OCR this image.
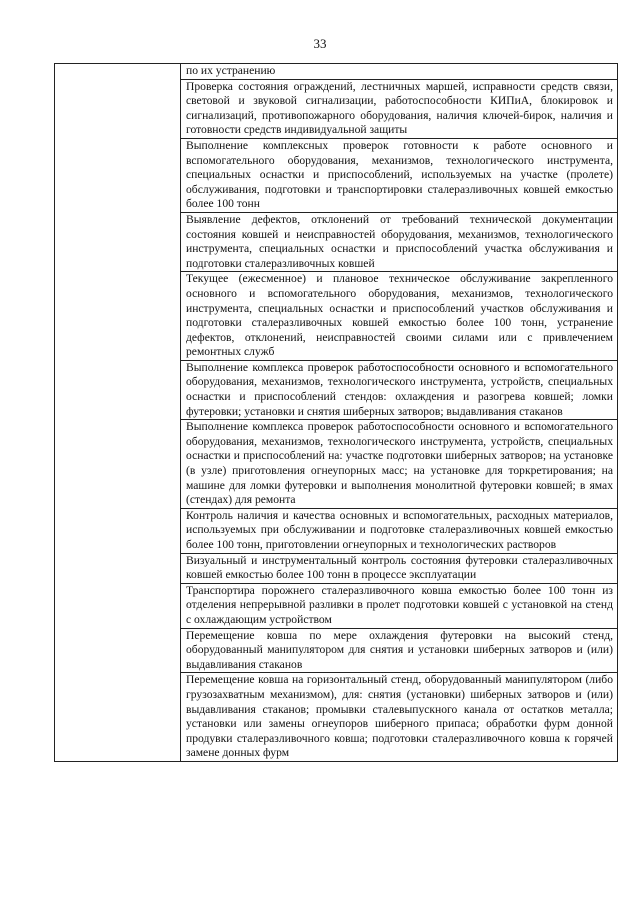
33

по их устранению

Проверка состояния ограждений, лестничных маршей, исправности средств связи, световой и звуковой сигнализации, работоспособности КИПиА, блокировок и сигнализаций, противопожарного оборудования, наличия ключей-бирок, наличия и готовности средств индивидуальной защиты

Выполнение комплексных проверок готовности к работе основного и вспомогательного оборудования, механизмов, технологического инструмента, специальных оснастки и приспособлений, используемых на участке (пролете) обслуживания, подготовки и транспортировки сталеразливочных ковшей емкостью более 100 тонн

Выявление дефектов, отклонений от требований технической документации состояния ковшей и неисправностей оборудования, механизмов, технологического инструмента, специальных оснастки и приспособлений участка обслуживания и подготовки сталеразливочных ковшей

Текущее (ежесменное) и плановое техническое обслуживание закрепленного основного и вспомогательного оборудования, механизмов, технологического инструмента, специальных оснастки и приспособлений участков обслуживания и подготовки сталеразливочных ковшей емкостью более 100 тонн, устранение дефектов, отклонений, неисправностей своими силами или с привлечением ремонтных служб

Выполнение комплекса проверок работоспособности основного и вспомогательного оборудования, механизмов, технологического инструмента, устройств, специальных оснастки и приспособлений стендов: охлаждения и разогрева ковшей; ломки футеровки; установки и снятия шиберных затворов; выдавливания стаканов

Выполнение комплекса проверок работоспособности основного и вспомогательного оборудования, механизмов, технологического инструмента, устройств, специальных оснастки и приспособлений на: участке подготовки шиберных затворов; на установке (в узле) приготовления огнеупорных масс; на установке для торкретирования; на машине для ломки футеровки и выполнения монолитной футеровки ковшей; в ямах (стендах) для ремонта

Контроль наличия и качества основных и вспомогательных, расходных материалов, используемых при обслуживании и подготовке сталеразливочных ковшей емкостью более 100 тонн, приготовлении огнеупорных и технологических растворов

Визуальный и инструментальный контроль состояния футеровки сталеразливочных ковшей емкостью более 100 тонн в процессе эксплуатации

Транспортира порожнего сталеразливочного ковша емкостью более 100 тонн из отделения непрерывной разливки в пролет подготовки ковшей с установкой на стенд с охлаждающим устройством

Перемещение ковша по мере охлаждения футеровки на высокий стенд, оборудованный манипулятором для снятия и установки шиберных затворов и (или) выдавливания стаканов

Перемещение ковша на горизонтальный стенд, оборудованный манипулятором (либо грузозахватным механизмом), для: снятия (установки) шиберных затворов и (или) выдавливания стаканов; промывки сталевыпускного канала от остатков металла; установки или замены огнеупоров шиберного припаса; обработки фурм донной продувки сталеразливочного ковша; подготовки сталеразливочного ковша к горячей замене донных фурм
